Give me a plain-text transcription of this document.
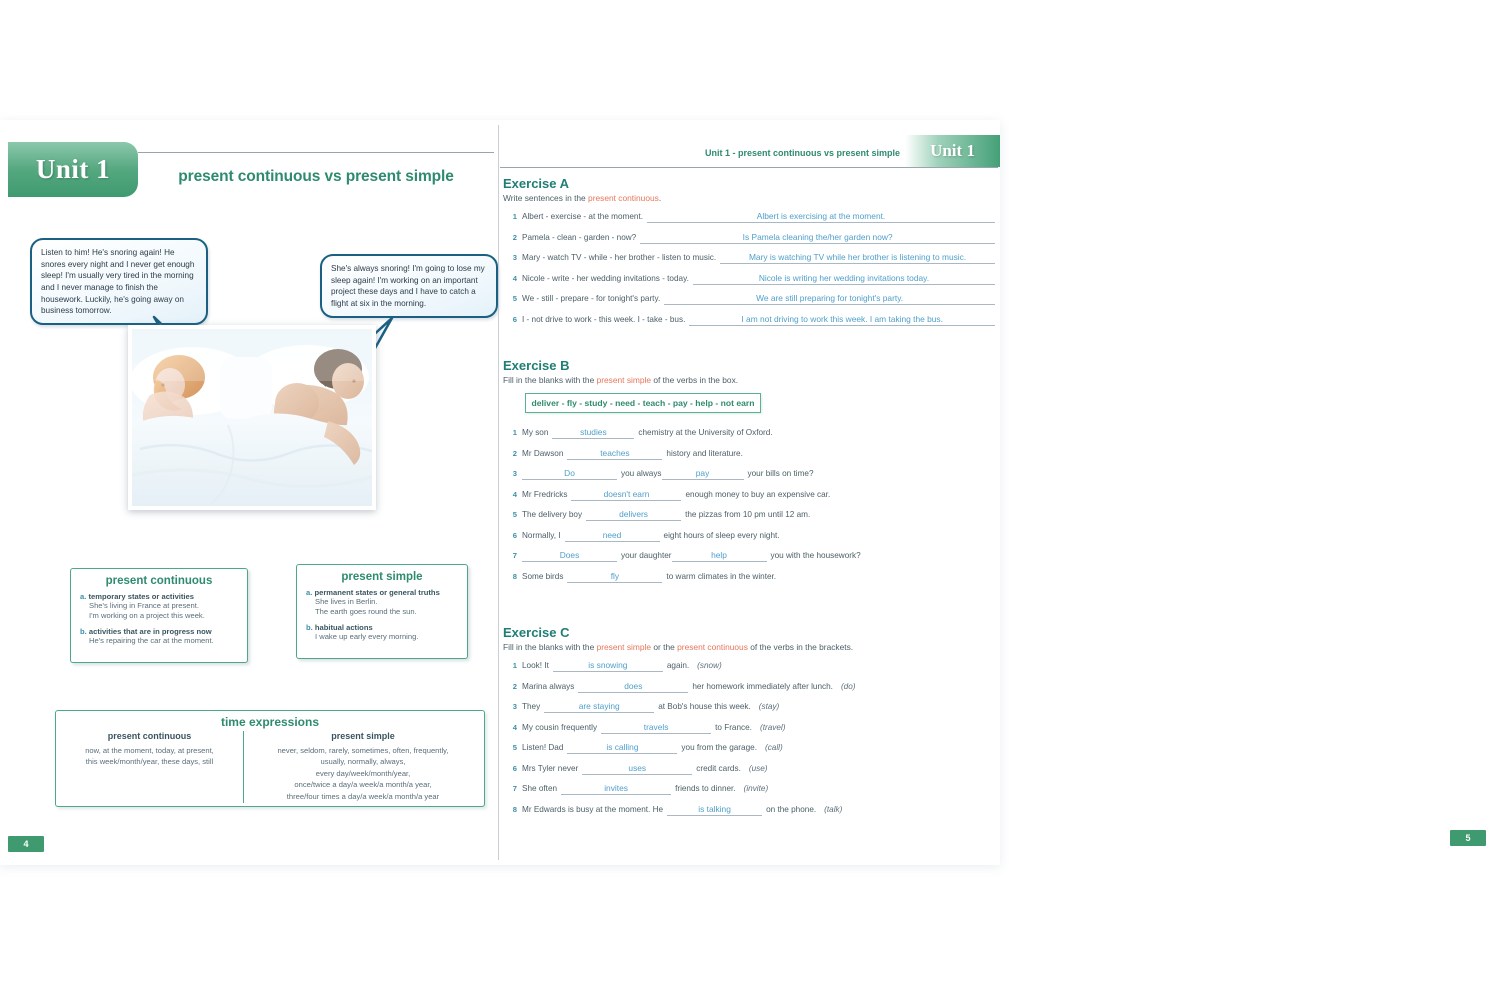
Unit 1	present continuous vs present simple
Listen to him! He's snoring again! He snores every night and I never get enough sleep! I'm usually very tired in the morning and I never manage to finish the housework. Luckily, he's going away on business tomorrow.
She's always snoring! I'm going to lose my sleep again! I'm working on an important project these days and I have to catch a flight at six in the morning.
present continuous
a. temporary states or activities
She's living in France at present.
I'm working on a project this week.
b. activities that are in progress now
He's repairing the car at the moment.
present simple
a. permanent states or general truths
She lives in Berlin.
The earth goes round the sun.
b. habitual actions
I wake up early every morning.
time expressions
present continuous
now, at the moment, today, at present,
this week/month/year, these days, still
present simple
never, seldom, rarely, sometimes, often, frequently,
usually, normally, always,
every day/week/month/year,
once/twice a day/a week/a month/a year,
three/four times a day/a week/a month/a year
4
Unit 1
Unit 1 - present continuous vs present simple
Exercise A
Write sentences in the present continuous.
1 Albert - exercise - at the moment.	Albert is exercising at the moment.
2 Pamela - clean - garden - now?	Is Pamela cleaning the/her garden now?
3 Mary - watch TV - while - her brother - listen to music.	Mary is watching TV while her brother is listening to music.
4 Nicole - write - her wedding invitations - today.	Nicole is writing her wedding invitations today.
5 We - still - prepare - for tonight's party.	We are still preparing for tonight's party.
6 I - not drive to work - this week. I - take - bus.	I am not driving to work this week. I am taking the bus.
Exercise B
Fill in the blanks with the present simple of the verbs in the box.
deliver - fly - study - need - teach - pay - help - not earn
1 My son	studies	chemistry at the University of Oxford.
2 Mr Dawson	teaches	history and literature.
3	Do	you always	pay	your bills on time?
4 Mr Fredricks	doesn't earn	enough money to buy an expensive car.
5 The delivery boy	delivers	the pizzas from 10 pm until 12 am.
6 Normally, I	need	eight hours of sleep every night.
7	Does	your daughter	help	you with the housework?
8 Some birds	fly	to warm climates in the winter.
Exercise C
Fill in the blanks with the present simple or the present continuous of the verbs in the brackets.
1 Look! It	is snowing	again. (snow)
2 Marina always	does	her homework immediately after lunch. (do)
3 They	are staying	at Bob's house this week. (stay)
4 My cousin frequently	travels	to France. (travel)
5 Listen! Dad	is calling	you from the garage. (call)
6 Mrs Tyler never	uses	credit cards. (use)
7 She often	invites	friends to dinner. (invite)
8 Mr Edwards is busy at the moment. He	is talking	on the phone. (talk)
5
